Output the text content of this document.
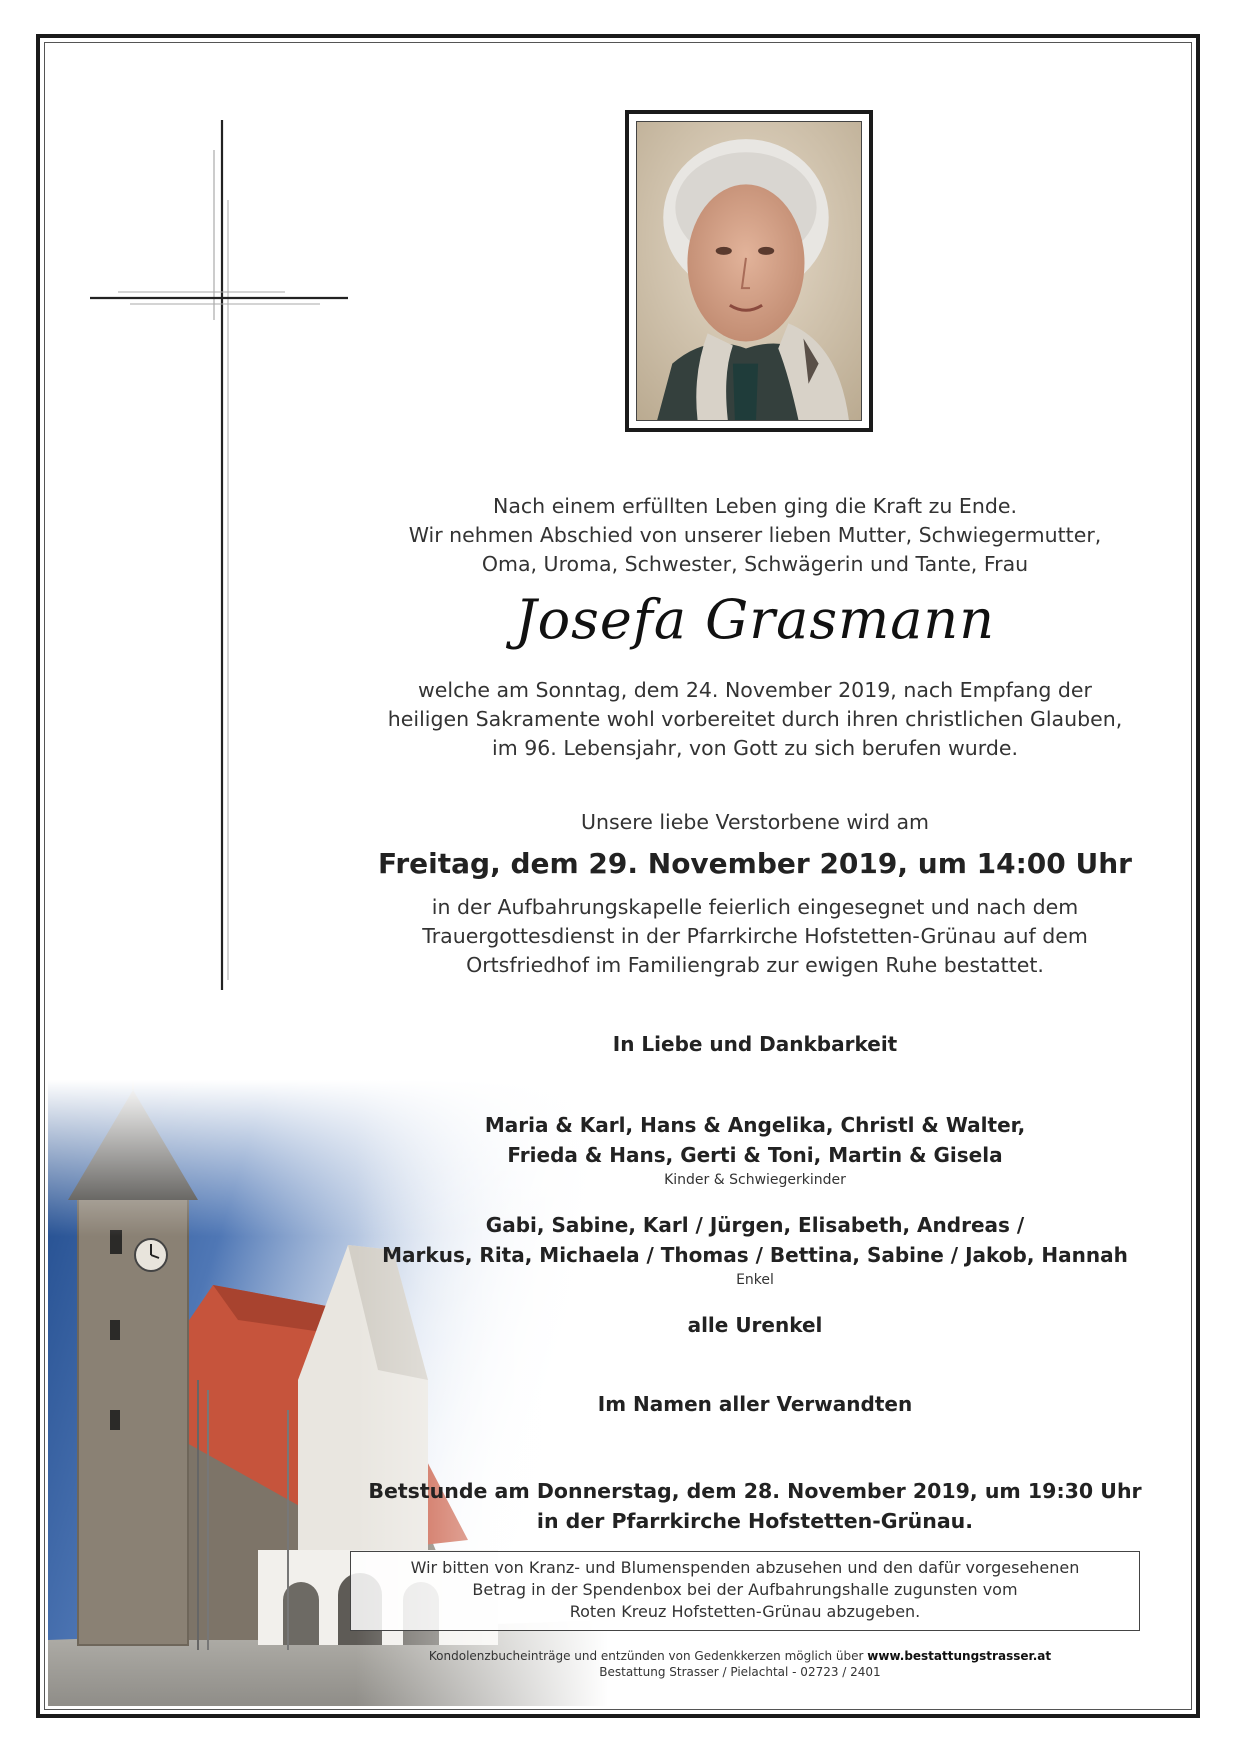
Nach einem erfüllten Leben ging die Kraft zu Ende.
Wir nehmen Abschied von unserer lieben Mutter, Schwiegermutter,
Oma, Uroma, Schwester, Schwägerin und Tante, Frau
Josefa Grasmann
welche am Sonntag, dem 24. November 2019, nach Empfang der
heiligen Sakramente wohl vorbereitet durch ihren christlichen Glauben,
im 96. Lebensjahr, von Gott zu sich berufen wurde.
Unsere liebe Verstorbene wird am
Freitag, dem 29. November 2019, um 14:00 Uhr
in der Aufbahrungskapelle feierlich eingesegnet und nach dem
Trauergottesdienst in der Pfarrkirche Hofstetten-Grünau auf dem
Ortsfriedhof im Familiengrab zur ewigen Ruhe bestattet.
In Liebe und Dankbarkeit
Maria & Karl, Hans & Angelika, Christl & Walter,
Frieda & Hans, Gerti & Toni, Martin & Gisela
Kinder & Schwiegerkinder
Gabi, Sabine, Karl / Jürgen, Elisabeth, Andreas /
Markus, Rita, Michaela / Thomas / Bettina, Sabine / Jakob, Hannah
Enkel
alle Urenkel
Im Namen aller Verwandten
Betstunde am Donnerstag, dem 28. November 2019, um 19:30 Uhr
in der Pfarrkirche Hofstetten-Grünau.
Wir bitten von Kranz- und Blumenspenden abzusehen und den dafür vorgesehenen
Betrag in der Spendenbox bei der Aufbahrungshalle zugunsten vom
Roten Kreuz Hofstetten-Grünau abzugeben.
Kondolenzbucheinträge und entzünden von Gedenkkerzen möglich über www.bestattungstrasser.at
Bestattung Strasser / Pielachtal - 02723 / 2401
